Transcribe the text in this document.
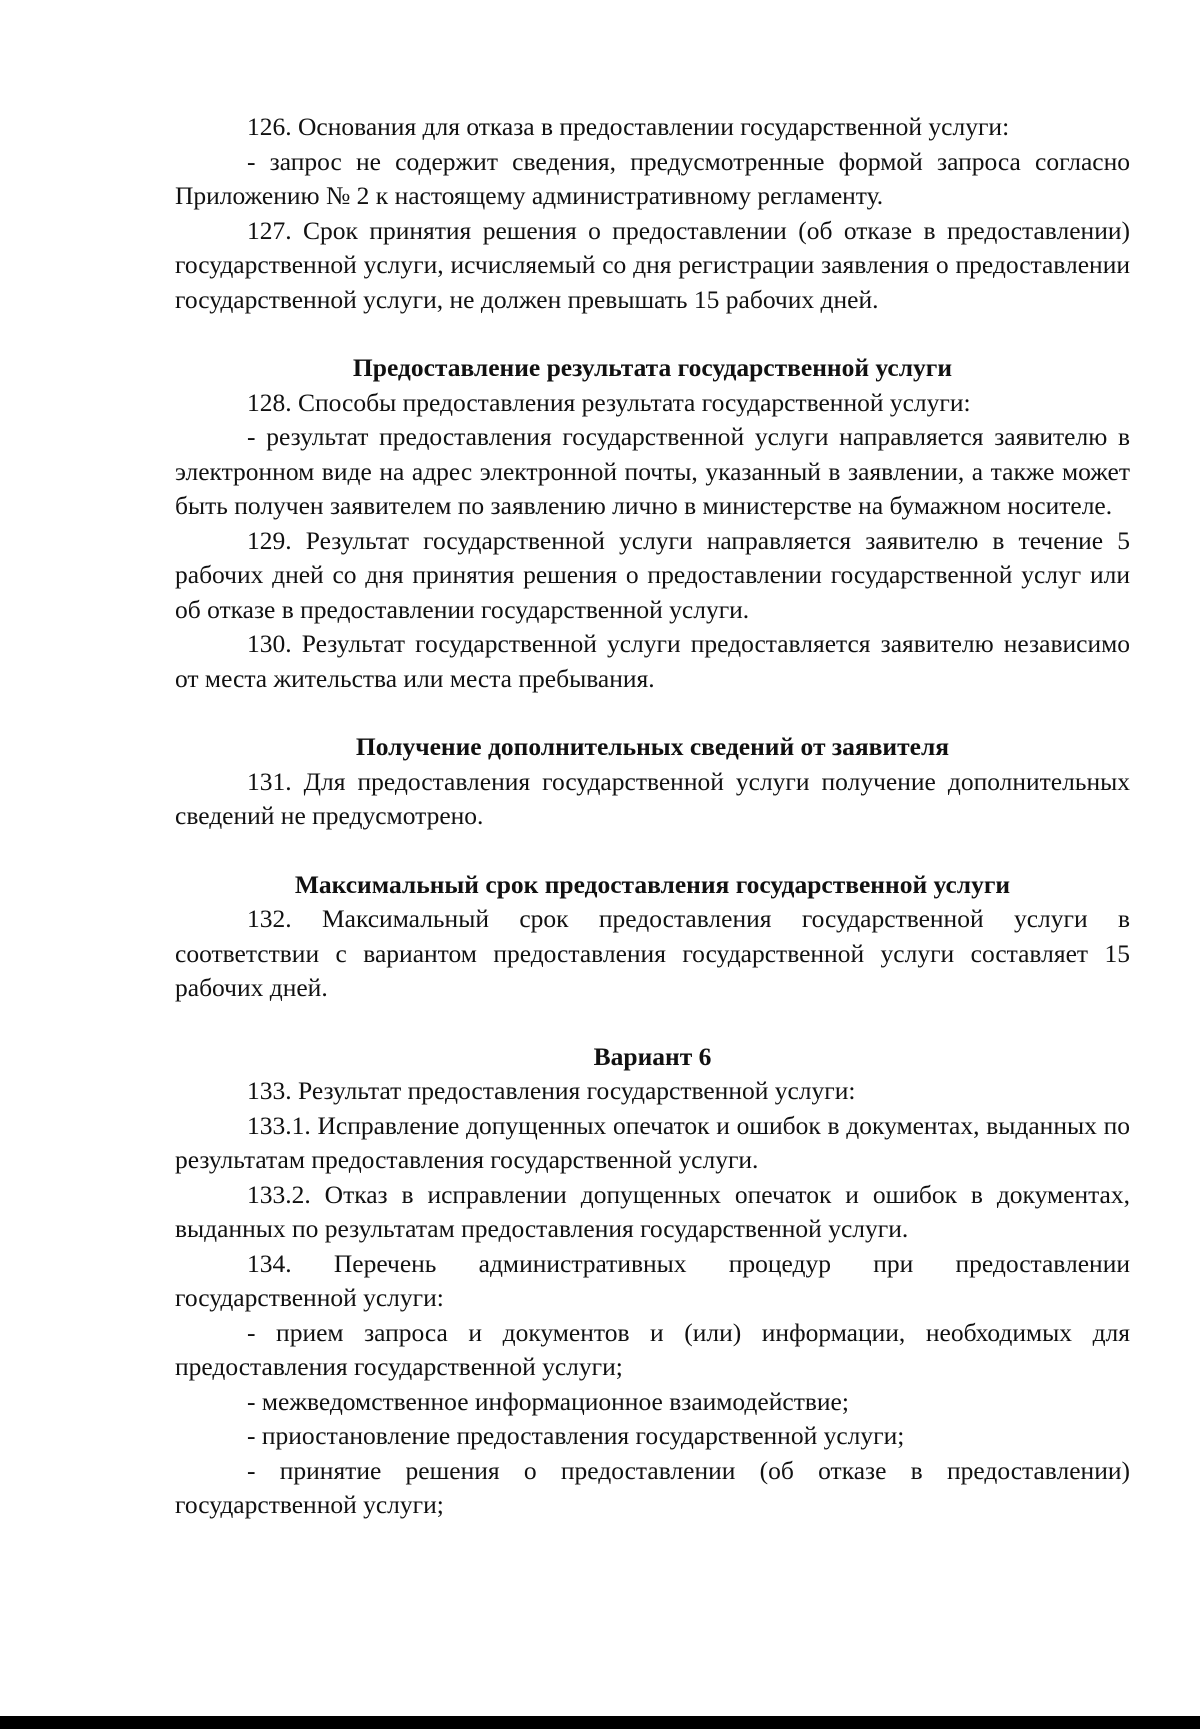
126. Основания для отказа в предоставлении государственной услуги:

- запрос не содержит сведения, предусмотренные формой запроса согласно Приложению № 2 к настоящему административному регламенту.

127. Срок принятия решения о предоставлении (об отказе в предоставлении) государственной услуги, исчисляемый со дня регистрации заявления о предоставлении государственной услуги, не должен превышать 15 рабочих дней.

Предоставление результата государственной услуги

128. Способы предоставления результата государственной услуги:

- результат предоставления государственной услуги направляется заявителю в электронном виде на адрес электронной почты, указанный в заявлении, а также может быть получен заявителем по заявлению лично в министерстве на бумажном носителе.

129. Результат государственной услуги направляется заявителю в течение 5 рабочих дней со дня принятия решения о предоставлении государственной услуг или об отказе в предоставлении государственной услуги.

130. Результат государственной услуги предоставляется заявителю независимо от места жительства или места пребывания.

Получение дополнительных сведений от заявителя

131. Для предоставления государственной услуги получение дополнительных сведений не предусмотрено.

Максимальный срок предоставления государственной услуги

132. Максимальный срок предоставления государственной услуги в соответствии с вариантом предоставления государственной услуги составляет 15 рабочих дней.

Вариант 6

133. Результат предоставления государственной услуги:

133.1. Исправление допущенных опечаток и ошибок в документах, выданных по результатам предоставления государственной услуги.

133.2. Отказ в исправлении допущенных опечаток и ошибок в документах, выданных по результатам предоставления государственной услуги.

134. Перечень административных процедур при предоставлении государственной услуги:

- прием запроса и документов и (или) информации, необходимых для предоставления государственной услуги;

- межведомственное информационное взаимодействие;

- приостановление предоставления государственной услуги;

- принятие решения о предоставлении (об отказе в предоставлении) государственной услуги;
